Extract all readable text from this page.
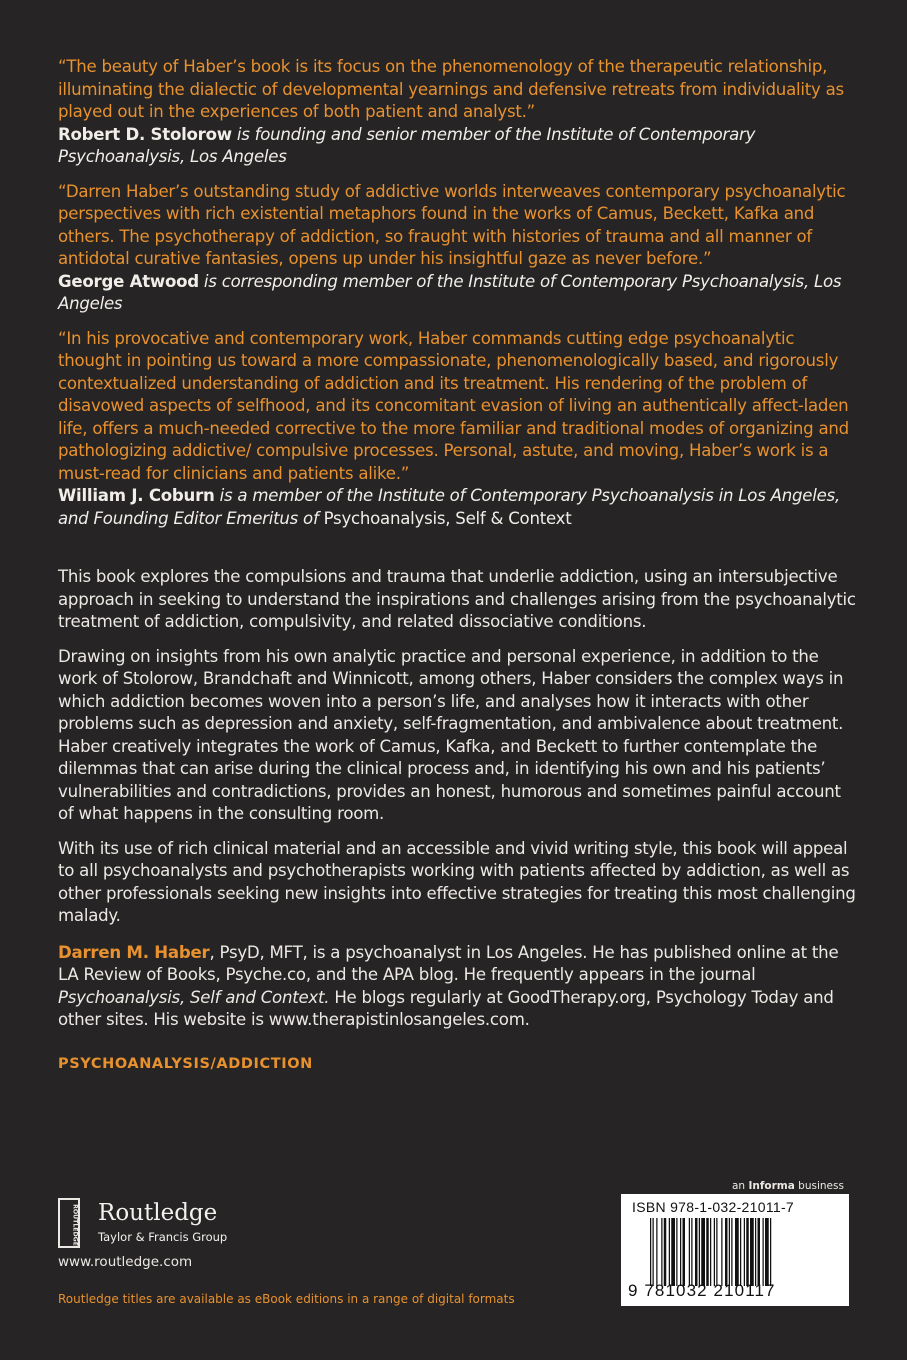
“The beauty of Haber’s book is its focus on the phenomenology of the therapeutic relationship, illuminating the dialectic of developmental yearnings and defensive retreats from individuality as played out in the experiences of both patient and analyst.”
Robert D. Stolorow is founding and senior member of the Institute of Contemporary Psychoanalysis, Los Angeles
“Darren Haber’s outstanding study of addictive worlds interweaves contemporary psychoanalytic perspectives with rich existential metaphors found in the works of Camus, Beckett, Kafka and others. The psychotherapy of addiction, so fraught with histories of trauma and all manner of antidotal curative fantasies, opens up under his insightful gaze as never before.”
George Atwood is corresponding member of the Institute of Contemporary Psychoanalysis, Los Angeles
“In his provocative and contemporary work, Haber commands cutting edge psychoanalytic thought in pointing us toward a more compassionate, phenomenologically based, and rigorously contextualized understanding of addiction and its treatment. His rendering of the problem of disavowed aspects of selfhood, and its concomitant evasion of living an authentically affect-laden life, offers a much-needed corrective to the more familiar and traditional modes of organizing and pathologizing addictive/ compulsive processes. Personal, astute, and moving, Haber’s work is a must-read for clinicians and patients alike.”
William J. Coburn is a member of the Institute of Contemporary Psychoanalysis in Los Angeles, and Founding Editor Emeritus of Psychoanalysis, Self & Context
This book explores the compulsions and trauma that underlie addiction, using an intersubjective approach in seeking to understand the inspirations and challenges arising from the psychoanalytic treatment of addiction, compulsivity, and related dissociative conditions.
Drawing on insights from his own analytic practice and personal experience, in addition to the work of Stolorow, Brandchaft and Winnicott, among others, Haber considers the complex ways in which addiction becomes woven into a person’s life, and analyses how it interacts with other problems such as depression and anxiety, self-fragmentation, and ambivalence about treatment. Haber creatively integrates the work of Camus, Kafka, and Beckett to further contemplate the dilemmas that can arise during the clinical process and, in identifying his own and his patients’ vulnerabilities and contradictions, provides an honest, humorous and sometimes painful account of what happens in the consulting room.
With its use of rich clinical material and an accessible and vivid writing style, this book will appeal to all psychoanalysts and psychotherapists working with patients affected by addiction, as well as other professionals seeking new insights into effective strategies for treating this most challenging malady.
Darren M. Haber, PsyD, MFT, is a psychoanalyst in Los Angeles. He has published online at the LA Review of Books, Psyche.co, and the APA blog. He frequently appears in the journal Psychoanalysis, Self and Context. He blogs regularly at GoodTherapy.org, Psychology Today and other sites. His website is www.therapistinlosangeles.com.
PSYCHOANALYSIS/ADDICTION
ROUTLEDGE Routledge
Taylor & Francis Group
www.routledge.com
Routledge titles are available as eBook editions in a range of digital formats
an Informa business
ISBN 978-1-032-21011-7
9 781032 210117
